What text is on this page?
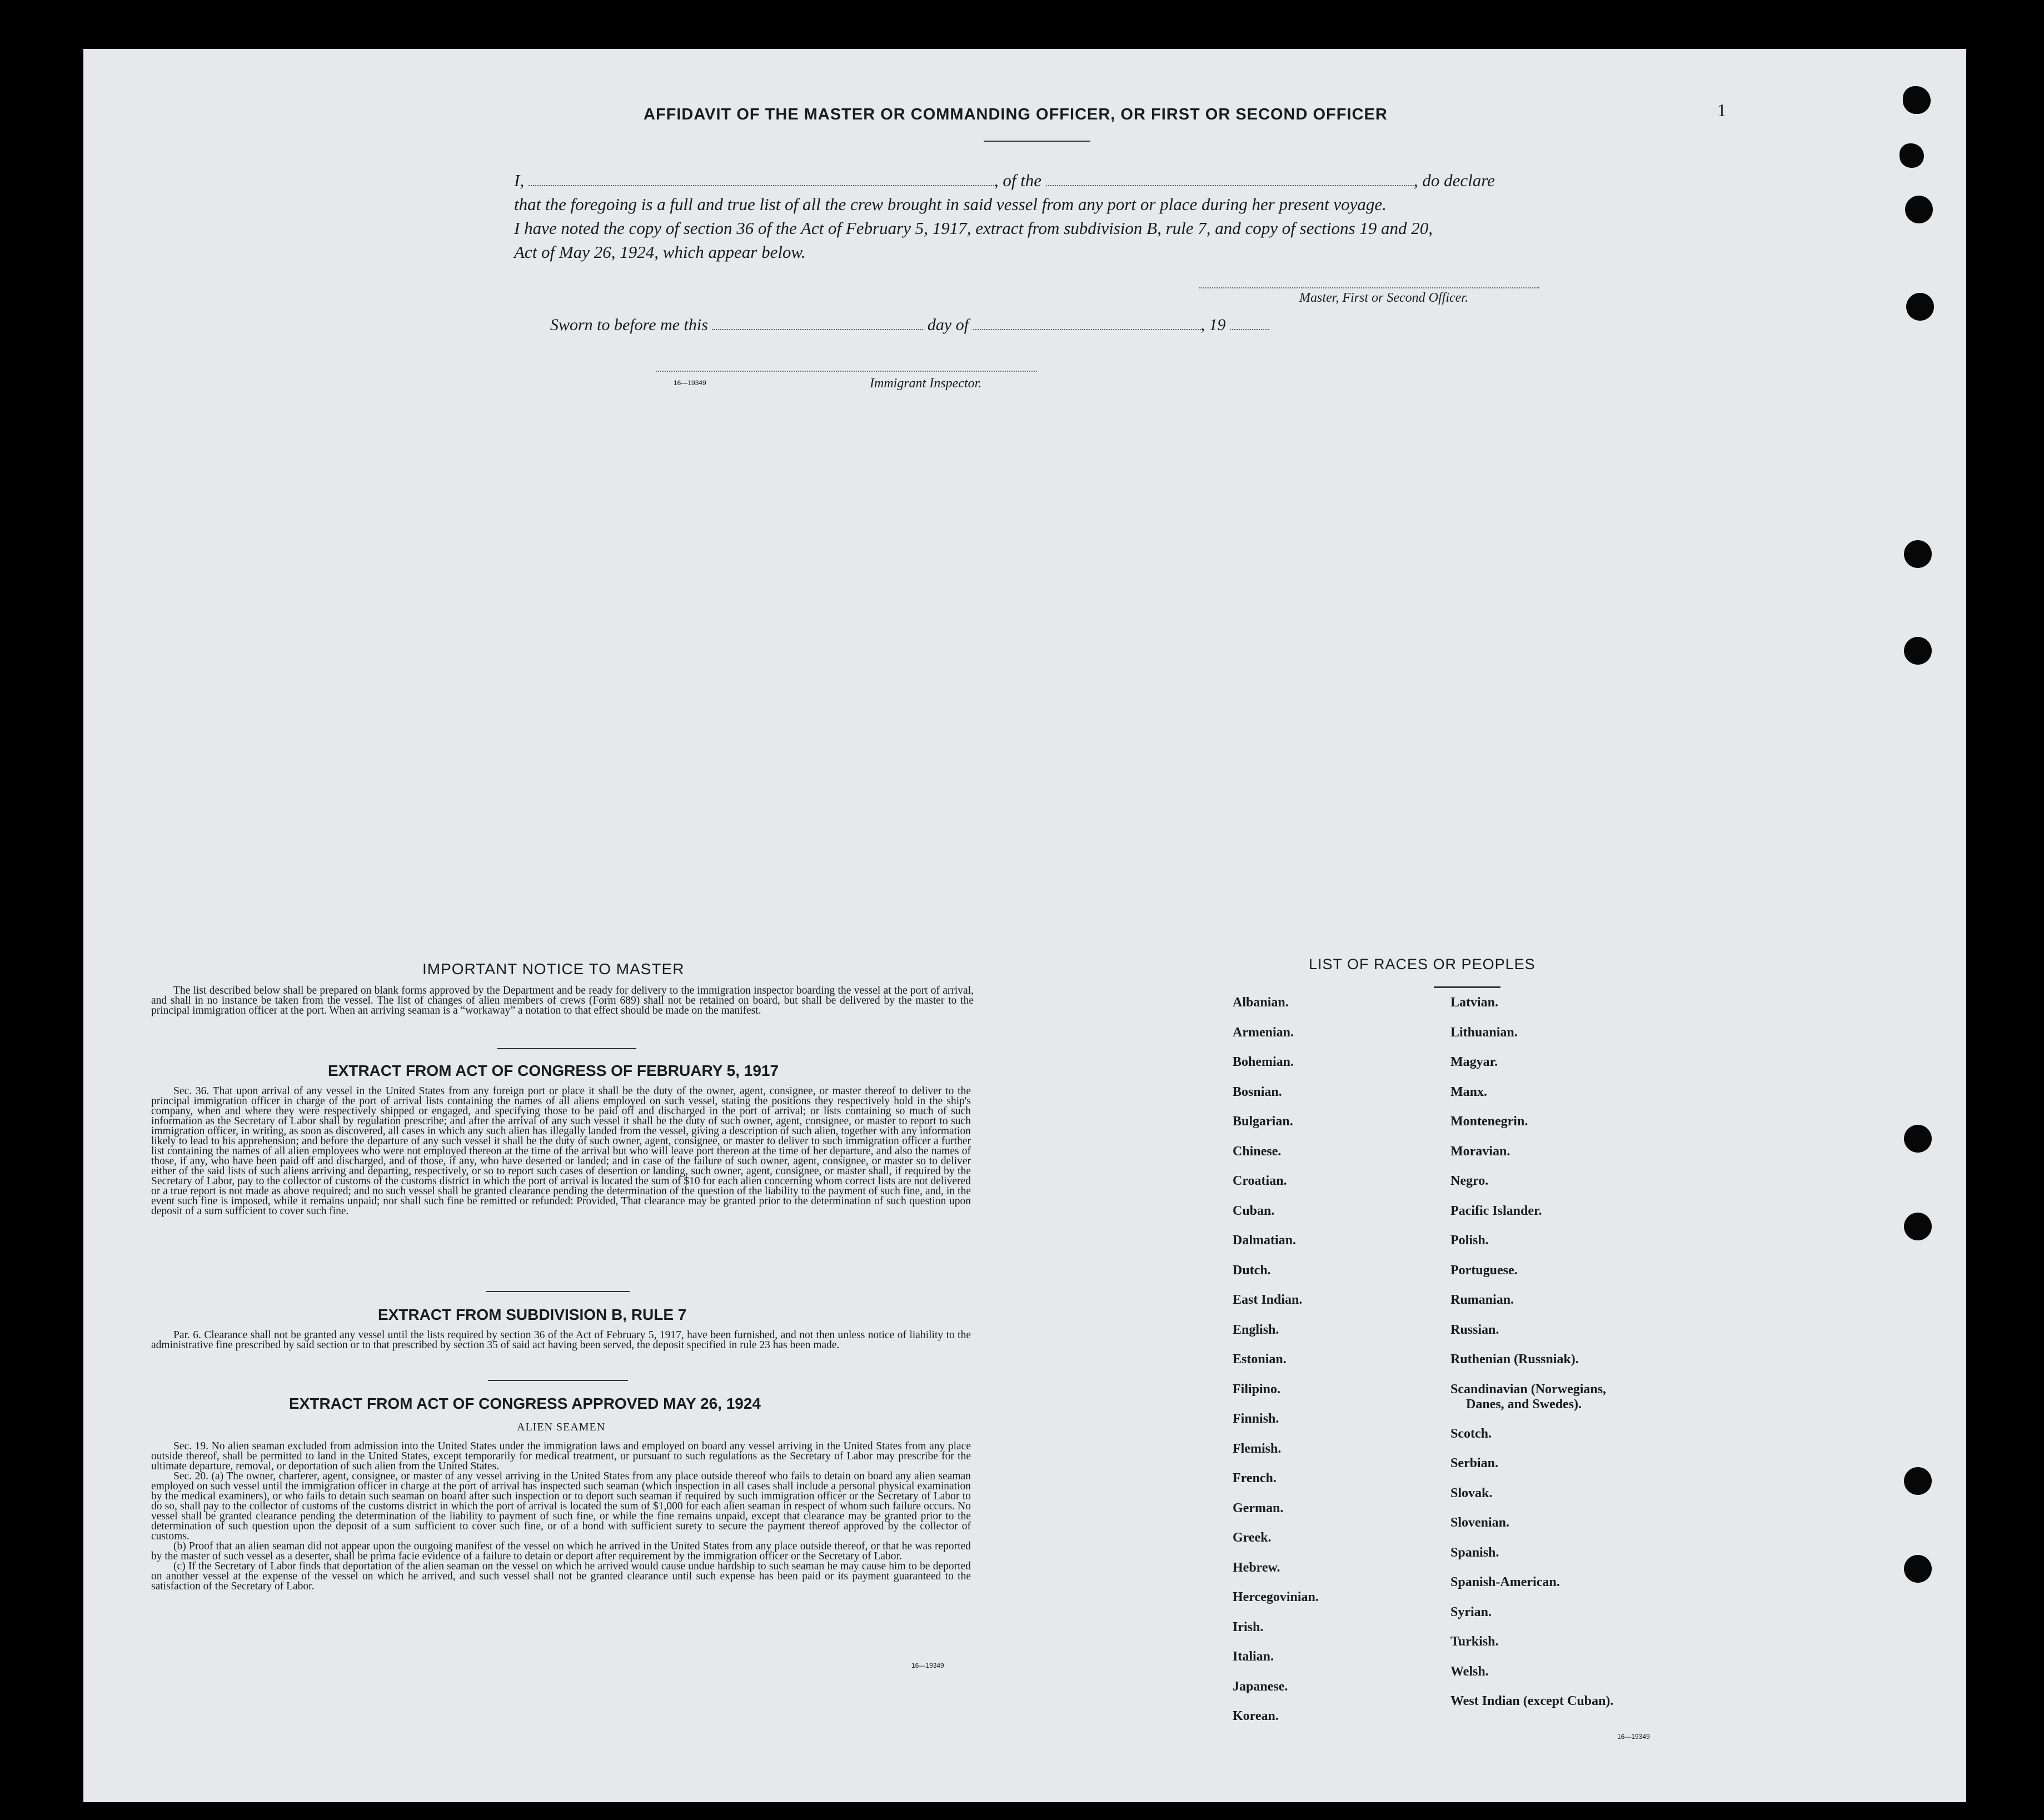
1
AFFIDAVIT OF THE MASTER OR COMMANDING OFFICER, OR FIRST OR SECOND OFFICER
I,	, of the	, do declare
that the foregoing is a full and true list of all the crew brought in said vessel from any port or place during her present voyage.
I have noted the copy of section 36 of the Act of February 5, 1917, extract from subdivision B, rule 7, and copy of sections 19 and 20,
Act of May 26, 1924, which appear below.
Master, First or Second Officer.
Sworn to before me this	day of	, 19
16—19349	Immigrant Inspector.
IMPORTANT NOTICE TO MASTER

The list described below shall be prepared on blank forms approved by the Department and be ready for delivery to the immigration inspector boarding the vessel at the port of arrival, and shall in no instance be taken from the vessel. The list of changes of alien members of crews (Form 689) shall not be retained on board, but shall be delivered by the master to the principal immigration officer at the port. When an arriving seaman is a “workaway” a notation to that effect should be made on the manifest.

EXTRACT FROM ACT OF CONGRESS OF FEBRUARY 5, 1917

Sec. 36. That upon arrival of any vessel in the United States from any foreign port or place it shall be the duty of the owner, agent, consignee, or master thereof to deliver to the principal immigration officer in charge of the port of arrival lists containing the names of all aliens employed on such vessel, stating the positions they respectively hold in the ship's company, when and where they were respectively shipped or engaged, and specifying those to be paid off and discharged in the port of arrival; or lists containing so much of such information as the Secretary of Labor shall by regulation prescribe; and after the arrival of any such vessel it shall be the duty of such owner, agent, consignee, or master to report to such immigration officer, in writing, as soon as discovered, all cases in which any such alien has illegally landed from the vessel, giving a description of such alien, together with any information likely to lead to his apprehension; and before the departure of any such vessel it shall be the duty of such owner, agent, consignee, or master to deliver to such immigration officer a further list containing the names of all alien employees who were not employed thereon at the time of the arrival but who will leave port thereon at the time of her departure, and also the names of those, if any, who have been paid off and discharged, and of those, if any, who have deserted or landed; and in case of the failure of such owner, agent, consignee, or master so to deliver either of the said lists of such aliens arriving and departing, respectively, or so to report such cases of desertion or landing, such owner, agent, consignee, or master shall, if required by the Secretary of Labor, pay to the collector of customs of the customs district in which the port of arrival is located the sum of $10 for each alien concerning whom correct lists are not delivered or a true report is not made as above required; and no such vessel shall be granted clearance pending the determination of the question of the liability to the payment of such fine, and, in the event such fine is imposed, while it remains unpaid; nor shall such fine be remitted or refunded: Provided, That clearance may be granted prior to the determination of such question upon deposit of a sum sufficient to cover such fine.

EXTRACT FROM SUBDIVISION B, RULE 7

Par. 6. Clearance shall not be granted any vessel until the lists required by section 36 of the Act of February 5, 1917, have been furnished, and not then unless notice of liability to the administrative fine prescribed by said section or to that prescribed by section 35 of said act having been served, the deposit specified in rule 23 has been made.

EXTRACT FROM ACT OF CONGRESS APPROVED MAY 26, 1924
ALIEN SEAMEN

Sec. 19. No alien seaman excluded from admission into the United States under the immigration laws and employed on board any vessel arriving in the United States from any place outside thereof, shall be permitted to land in the United States, except temporarily for medical treatment, or pursuant to such regulations as the Secretary of Labor may prescribe for the ultimate departure, removal, or deportation of such alien from the United States.

Sec. 20. (a) The owner, charterer, agent, consignee, or master of any vessel arriving in the United States from any place outside thereof who fails to detain on board any alien seaman employed on such vessel until the immigration officer in charge at the port of arrival has inspected such seaman (which inspection in all cases shall include a personal physical examination by the medical examiners), or who fails to detain such seaman on board after such inspection or to deport such seaman if required by such immigration officer or the Secretary of Labor to do so, shall pay to the collector of customs of the customs district in which the port of arrival is located the sum of $1,000 for each alien seaman in respect of whom such failure occurs. No vessel shall be granted clearance pending the determination of the liability to payment of such fine, or while the fine remains unpaid, except that clearance may be granted prior to the determination of such question upon the deposit of a sum sufficient to cover such fine, or of a bond with sufficient surety to secure the payment thereof approved by the collector of customs.

(b) Proof that an alien seaman did not appear upon the outgoing manifest of the vessel on which he arrived in the United States from any place outside thereof, or that he was reported by the master of such vessel as a deserter, shall be prima facie evidence of a failure to detain or deport after requirement by the immigration officer or the Secretary of Labor.

(c) If the Secretary of Labor finds that deportation of the alien seaman on the vessel on which he arrived would cause undue hardship to such seaman he may cause him to be deported on another vessel at the expense of the vessel on which he arrived, and such vessel shall not be granted clearance until such expense has been paid or its payment guaranteed to the satisfaction of the Secretary of Labor.

16—19349
LIST OF RACES OR PEOPLES
Albanian.
Armenian.
Bohemian.
Bosnian.
Bulgarian.
Chinese.
Croatian.
Cuban.
Dalmatian.
Dutch.
East Indian.
English.
Estonian.
Filipino.
Finnish.
Flemish.
French.
German.
Greek.
Hebrew.
Hercegovinian.
Irish.
Italian.
Japanese.
Korean.
Latvian.
Lithuanian.
Magyar.
Manx.
Montenegrin.
Moravian.
Negro.
Pacific Islander.
Polish.
Portuguese.
Rumanian.
Russian.
Ruthenian (Russniak).
Scandinavian (Norwegians,
Danes, and Swedes).
Scotch.
Serbian.
Slovak.
Slovenian.
Spanish.
Spanish-American.
Syrian.
Turkish.
Welsh.
West Indian (except Cuban).
16—19349
